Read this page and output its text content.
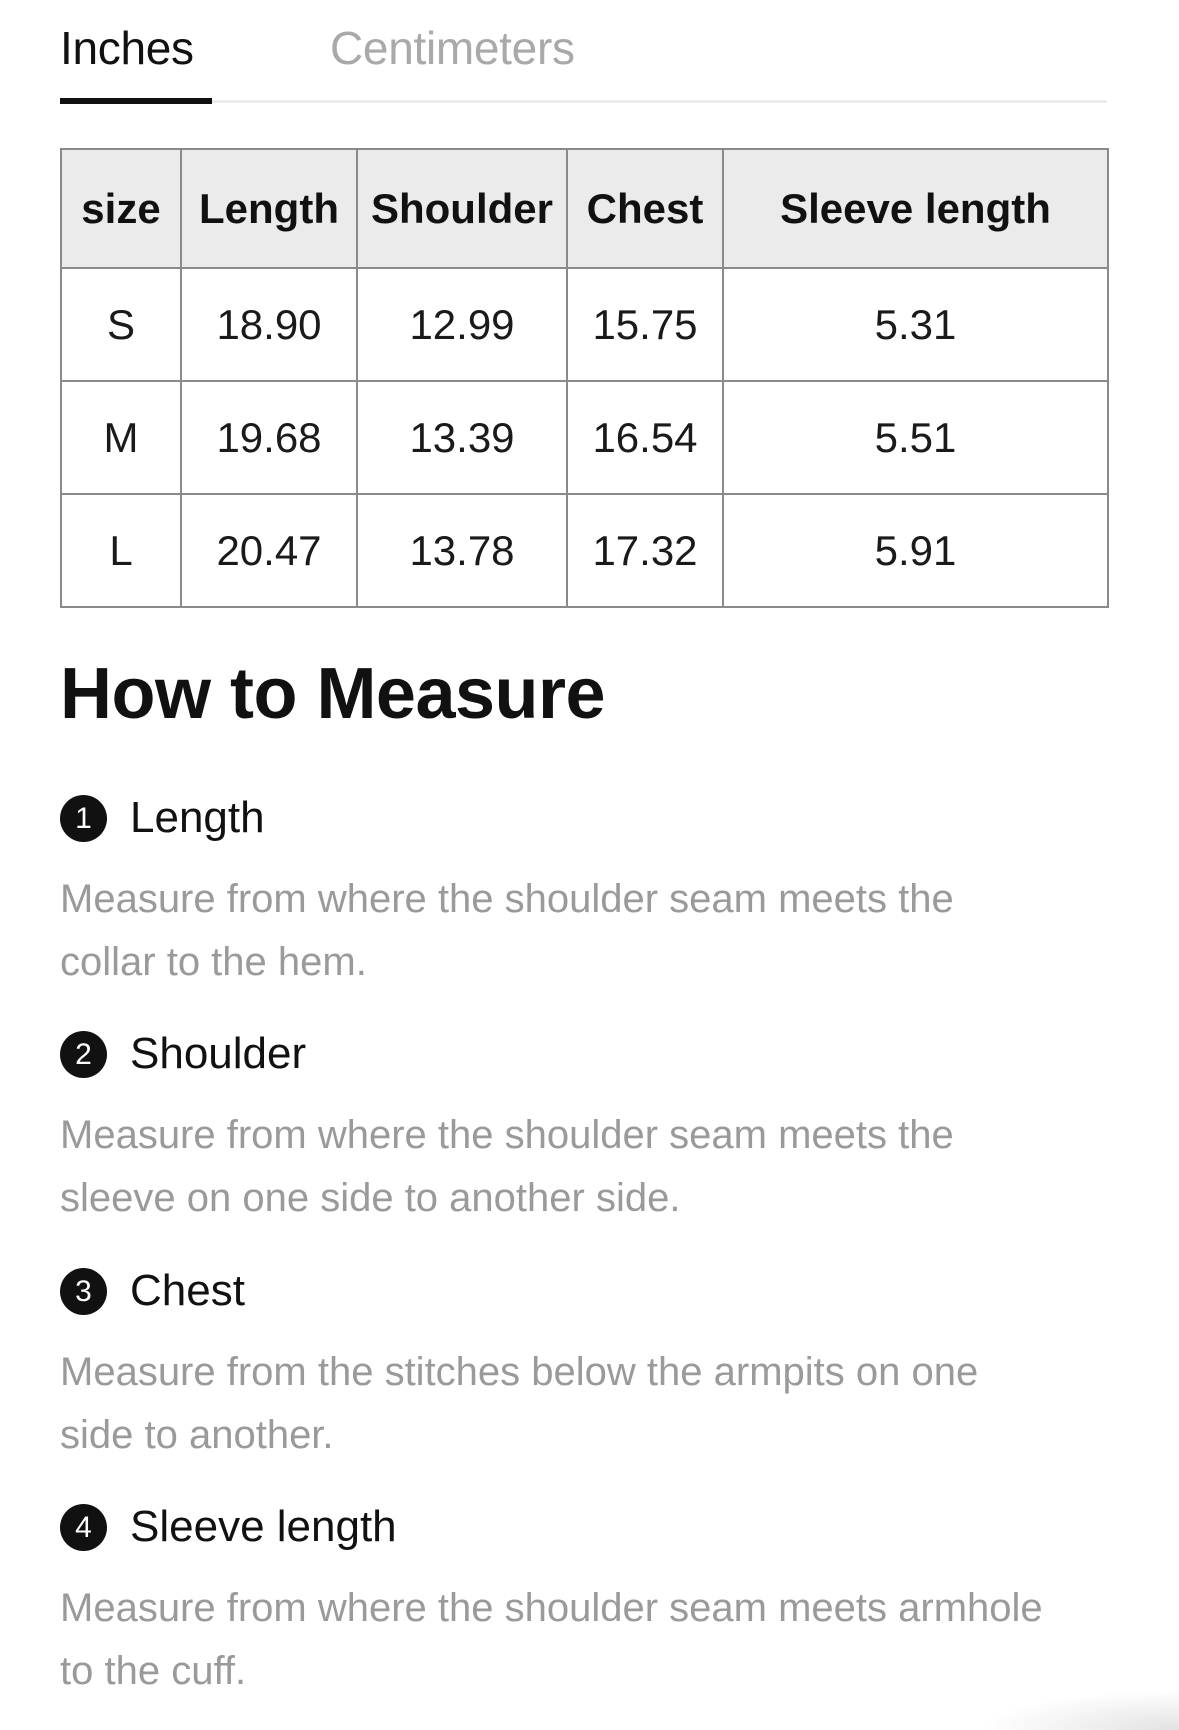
Inches	Centimeters
size	Length	Shoulder	Chest	Sleeve length
S	18.90	12.99	15.75	5.31
M	19.68	13.39	16.54	5.51
L	20.47	13.78	17.32	5.91
How to Measure
1 Length

Measure from where the shoulder seam meets the collar to the hem.

2 Shoulder

Measure from where the shoulder seam meets the sleeve on one side to another side.

3 Chest

Measure from the stitches below the armpits on one side to another.

4 Sleeve length

Measure from where the shoulder seam meets armhole to the cuff.
